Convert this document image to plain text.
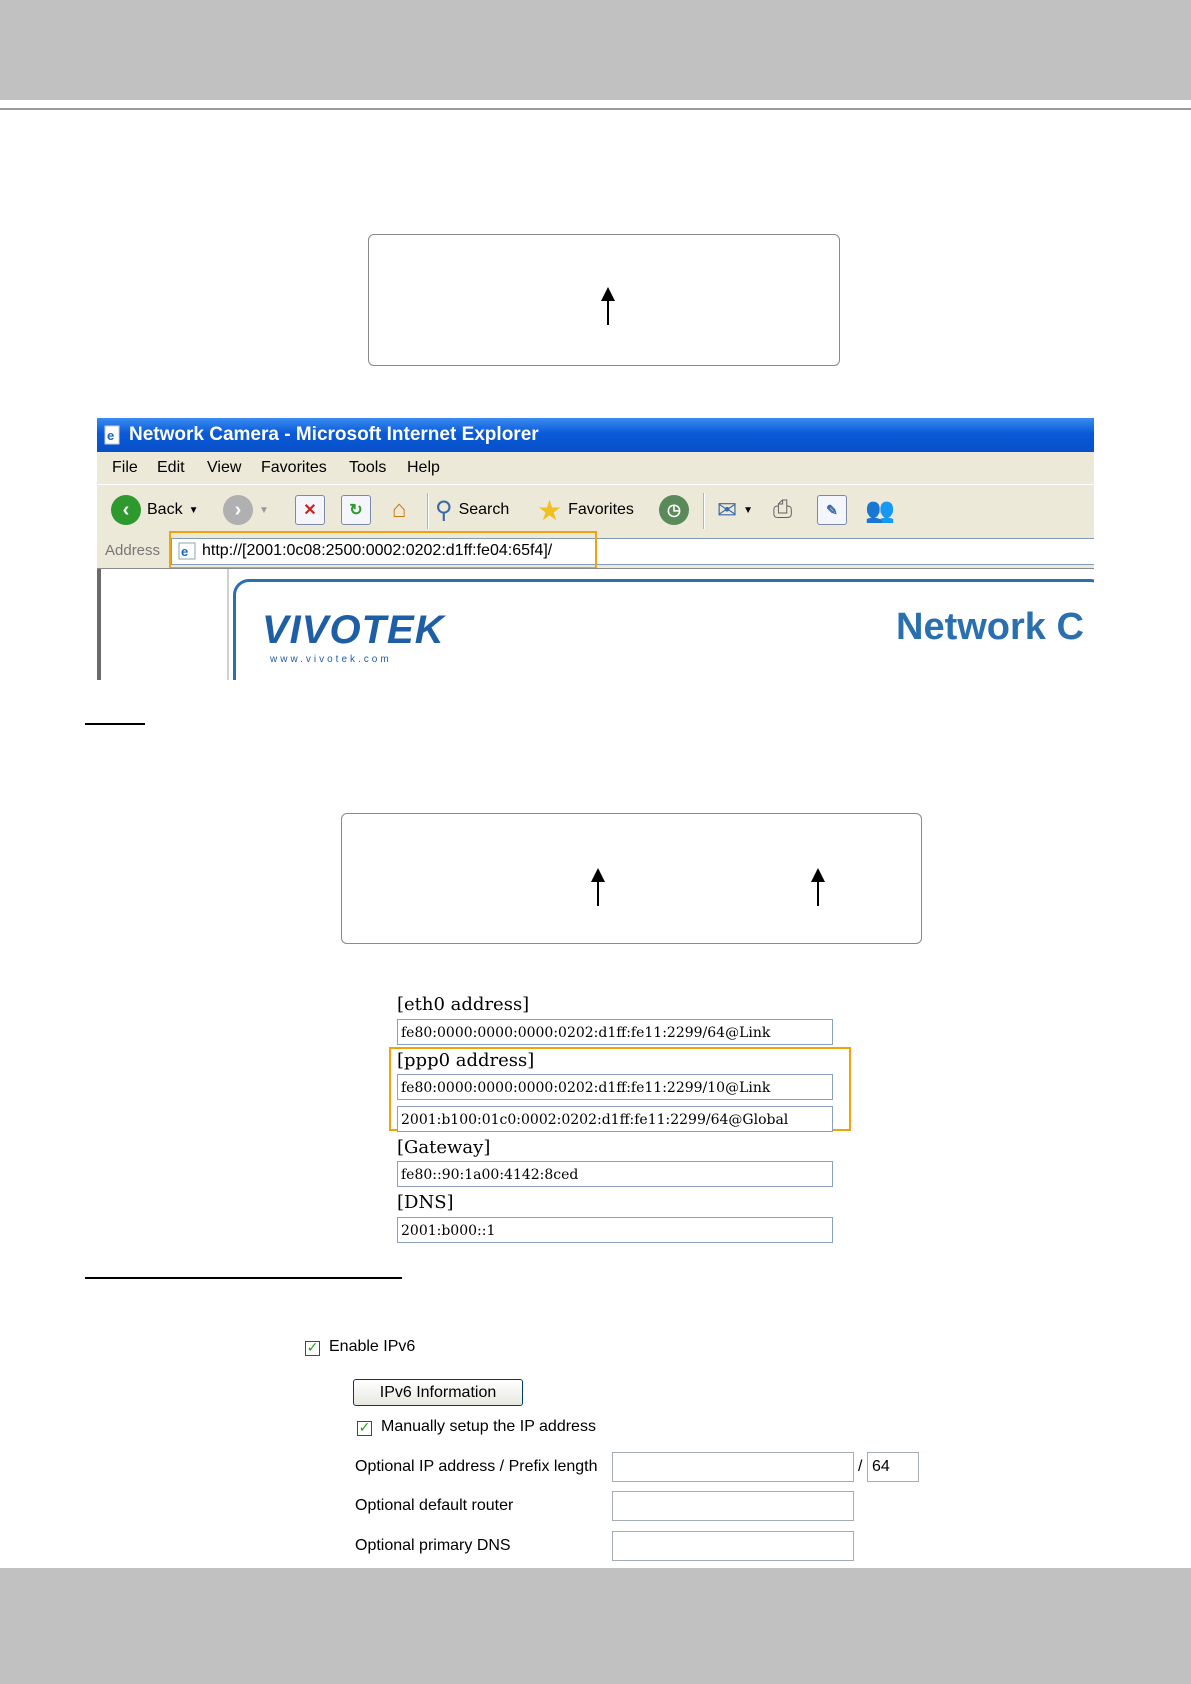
e Network Camera - Microsoft Internet Explorer
File Edit View Favorites Tools Help
‹	Back ▼	›	▼	✕	↻	⌂ ⚲ Search ★ Favorites	◷	✉ ▼ ⎙	✎	👥
Address e http://[2001:0c08:2500:0002:0202:d1ff:fe04:65f4]/
VIVOTEK
www.vivotek.com
Network C
[eth0 address]
fe80:0000:0000:0000:0202:d1ff:fe11:2299/64@Link
[ppp0 address]
fe80:0000:0000:0000:0202:d1ff:fe11:2299/10@Link
2001:b100:01c0:0002:0202:d1ff:fe11:2299/64@Global
[Gateway]
fe80::90:1a00:4142:8ced
[DNS]
2001:b000::1
✓ Enable IPv6
IPv6 Information
✓ Manually setup the IP address
Optional IP address / Prefix length	/ 64
Optional default router
Optional primary DNS
